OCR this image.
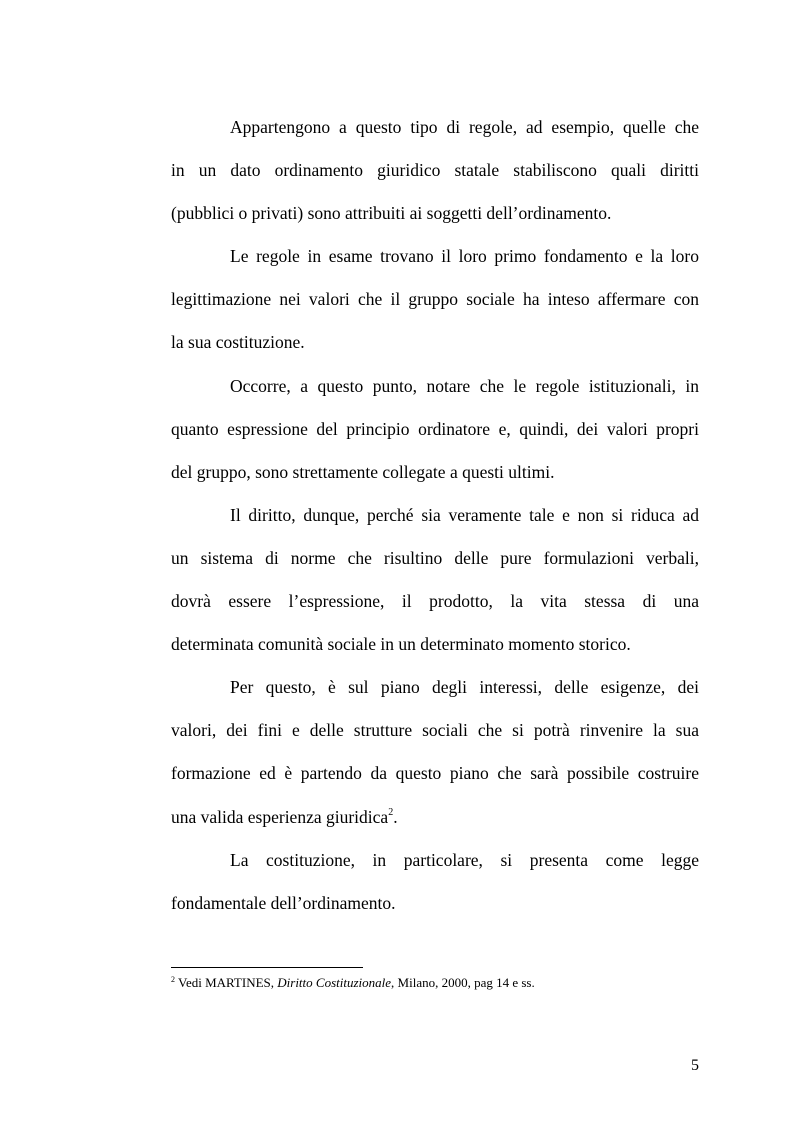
Appartengono a questo tipo di regole, ad esempio, quelle che
in un dato ordinamento giuridico statale stabiliscono quali diritti
(pubblici o privati) sono attribuiti ai soggetti dell’ordinamento.
Le regole in esame trovano il loro primo fondamento e la loro
legittimazione nei valori che il gruppo sociale ha inteso affermare con
la sua costituzione.
Occorre, a questo punto, notare che le regole istituzionali, in
quanto espressione del principio ordinatore e, quindi, dei valori propri
del gruppo, sono strettamente collegate a questi ultimi.
Il diritto, dunque, perché sia veramente tale e non si riduca ad
un sistema di norme che risultino delle pure formulazioni verbali,
dovrà essere l’espressione, il prodotto, la vita stessa di una
determinata comunità sociale in un determinato momento storico.
Per questo, è sul piano degli interessi, delle esigenze, dei
valori, dei fini e delle strutture sociali che si potrà rinvenire la sua
formazione ed è partendo da questo piano che sarà possibile costruire
una valida esperienza giuridica$^2$.
La costituzione, in particolare, si presenta come legge
fondamentale dell’ordinamento.
$^2$ Vedi MARTINES, Diritto Costituzionale, Milano, 2000, pag 14 e ss.
5
